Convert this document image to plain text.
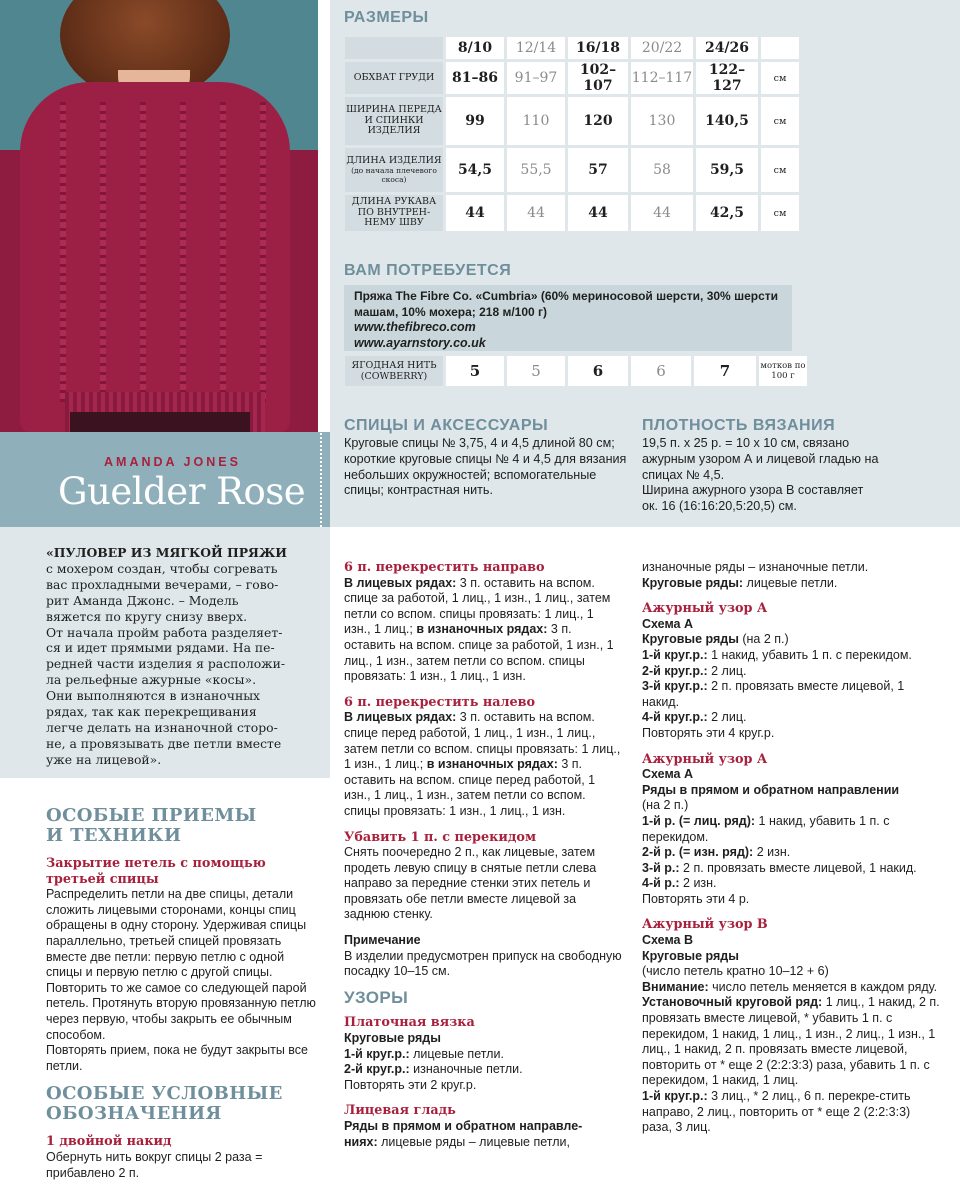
AMANDA JONES
Guelder Rose
«ПУЛОВЕР ИЗ МЯГКОЙ ПРЯЖИ
с мохером создан, чтобы согревать
вас прохладными вечерами, – гово-
рит Аманда Джонс. – Модель
вяжется по кругу снизу вверх.
От начала пройм работа разделяет-
ся и идет прямыми рядами. На пе-
редней части изделия я расположи-
ла рельефные ажурные «косы».
Они выполняются в изнаночных
рядах, так как перекрещивания
легче делать на изнаночной сторо-
не, а провязывать две петли вместе
уже на лицевой».
РАЗМЕРЫ
	8/10	12/14	16/18	20/22	24/26	
ОБХВАТ ГРУДИ	81–86	91–97	102–107	112–117	122–127	см
ШИРИНА ПЕРЕДА И СПИНКИ ИЗДЕЛИЯ	99	110	120	130	140,5	см
ДЛИНА ИЗДЕЛИЯ
(до начала плечевого скоса)	54,5	55,5	57	58	59,5	см
ДЛИНА РУКАВА ПО ВНУТРЕН-НЕМУ ШВУ	44	44	44	44	42,5	см
ВАМ ПОТРЕБУЕТСЯ
Пряжа The Fibre Co. «Cumbria» (60% мериносовой шерсти, 30% шерсти
машам, 10% мохера; 218 м/100 г)
www.thefibreco.com
www.ayarnstory.co.uk
ЯГОДНАЯ НИТЬ
(COWBERRY)	5	5	6	6	7	мотков по 100 г
СПИЦЫ И АКСЕССУАРЫ
Круговые спицы № 3,75, 4 и 4,5 длиной 80 см; короткие круговые спицы № 4 и 4,5 для вязания небольших окружностей; вспомогательные спицы; контрастная нить.
ПЛОТНОСТЬ ВЯЗАНИЯ
19,5 п. х 25 р. = 10 х 10 см, связано
ажурным узором А и лицевой гладью на
спицах № 4,5.
Ширина ажурного узора В составляет
ок. 16 (16:16:20,5:20,5) см.
ОСОБЫЕ ПРИЕМЫ
И ТЕХНИКИ
Закрытие петель с помощью третьей спицы

Распределить петли на две спицы, детали сложить лицевыми сторонами, концы спиц обращены в одну сторону. Удерживая спицы параллельно, третьей спицей провязать вместе две петли: первую петлю с одной спицы и первую петлю с другой спицы. Повторить то же самое со следующей парой петель. Протянуть вторую провязанную петлю через первую, чтобы закрыть ее обычным способом.

Повторять прием, пока не будут закрыты все петли.

ОСОБЫЕ УСЛОВНЫЕ
ОБОЗНАЧЕНИЯ
1 двойной накид

Обернуть нить вокруг спицы 2 раза = прибавлено 2 п.

6 п. перекрестить направо

В лицевых рядах: 3 п. оставить на вспом. спице за работой, 1 лиц., 1 изн., 1 лиц., затем петли со вспом. спицы провязать: 1 лиц., 1 изн., 1 лиц.; в изнаночных рядах: 3 п. оставить на вспом. спице за работой, 1 изн., 1 лиц., 1 изн., затем петли со вспом. спицы провязать: 1 изн., 1 лиц., 1 изн.

6 п. перекрестить налево

В лицевых рядах: 3 п. оставить на вспом. спице перед работой, 1 лиц., 1 изн., 1 лиц., затем петли со вспом. спицы провязать: 1 лиц., 1 изн., 1 лиц.; в изнаночных рядах: 3 п. оставить на вспом. спице перед работой, 1 изн., 1 лиц., 1 изн., затем петли со вспом. спицы провязать: 1 изн., 1 лиц., 1 изн.

Убавить 1 п. с перекидом

Снять поочередно 2 п., как лицевые, затем продеть левую спицу в снятые петли слева направо за передние стенки этих петель и провязать обе петли вместе лицевой за заднюю стенку.

Примечание

В изделии предусмотрен припуск на свободную посадку 10–15 см.

УЗОРЫ
Платочная вязка
Круговые ряды

1-й круг.р.: лицевые петли.

2-й круг.р.: изнаночные петли.

Повторять эти 2 круг.р.

Лицевая гладь
Ряды в прямом и обратном направле-

ниях: лицевые ряды – лицевые петли,

изнаночные ряды – изнаночные петли.

Круговые ряды: лицевые петли.

Ажурный узор А
Схема А

Круговые ряды (на 2 п.)

1-й круг.р.: 1 накид, убавить 1 п. с перекидом.

2-й круг.р.: 2 лиц.

3-й круг.р.: 2 п. провязать вместе лицевой, 1 накид.

4-й круг.р.: 2 лиц.

Повторять эти 4 круг.р.

Ажурный узор А
Схема А
Ряды в прямом и обратном направлении

(на 2 п.)

1-й р. (= лиц. ряд): 1 накид, убавить 1 п. с перекидом.

2-й р. (= изн. ряд): 2 изн.

3-й р.: 2 п. провязать вместе лицевой, 1 накид.

4-й р.: 2 изн.

Повторять эти 4 р.

Ажурный узор В
Схема В
Круговые ряды

(число петель кратно 10–12 + 6)

Внимание: число петель меняется в каждом ряду.

Установочный круговой ряд: 1 лиц., 1 накид, 2 п. провязать вместе лицевой, * убавить 1 п. с перекидом, 1 накид, 1 лиц., 1 изн., 2 лиц., 1 изн., 1 лиц., 1 накид, 2 п. провязать вместе лицевой, повторить от * еще 2 (2:2:3:3) раза, убавить 1 п. с перекидом, 1 накид, 1 лиц.

1-й круг.р.: 3 лиц., * 2 лиц., 6 п. перекре-стить направо, 2 лиц., повторить от * еще 2 (2:2:3:3) раза, 3 лиц.
